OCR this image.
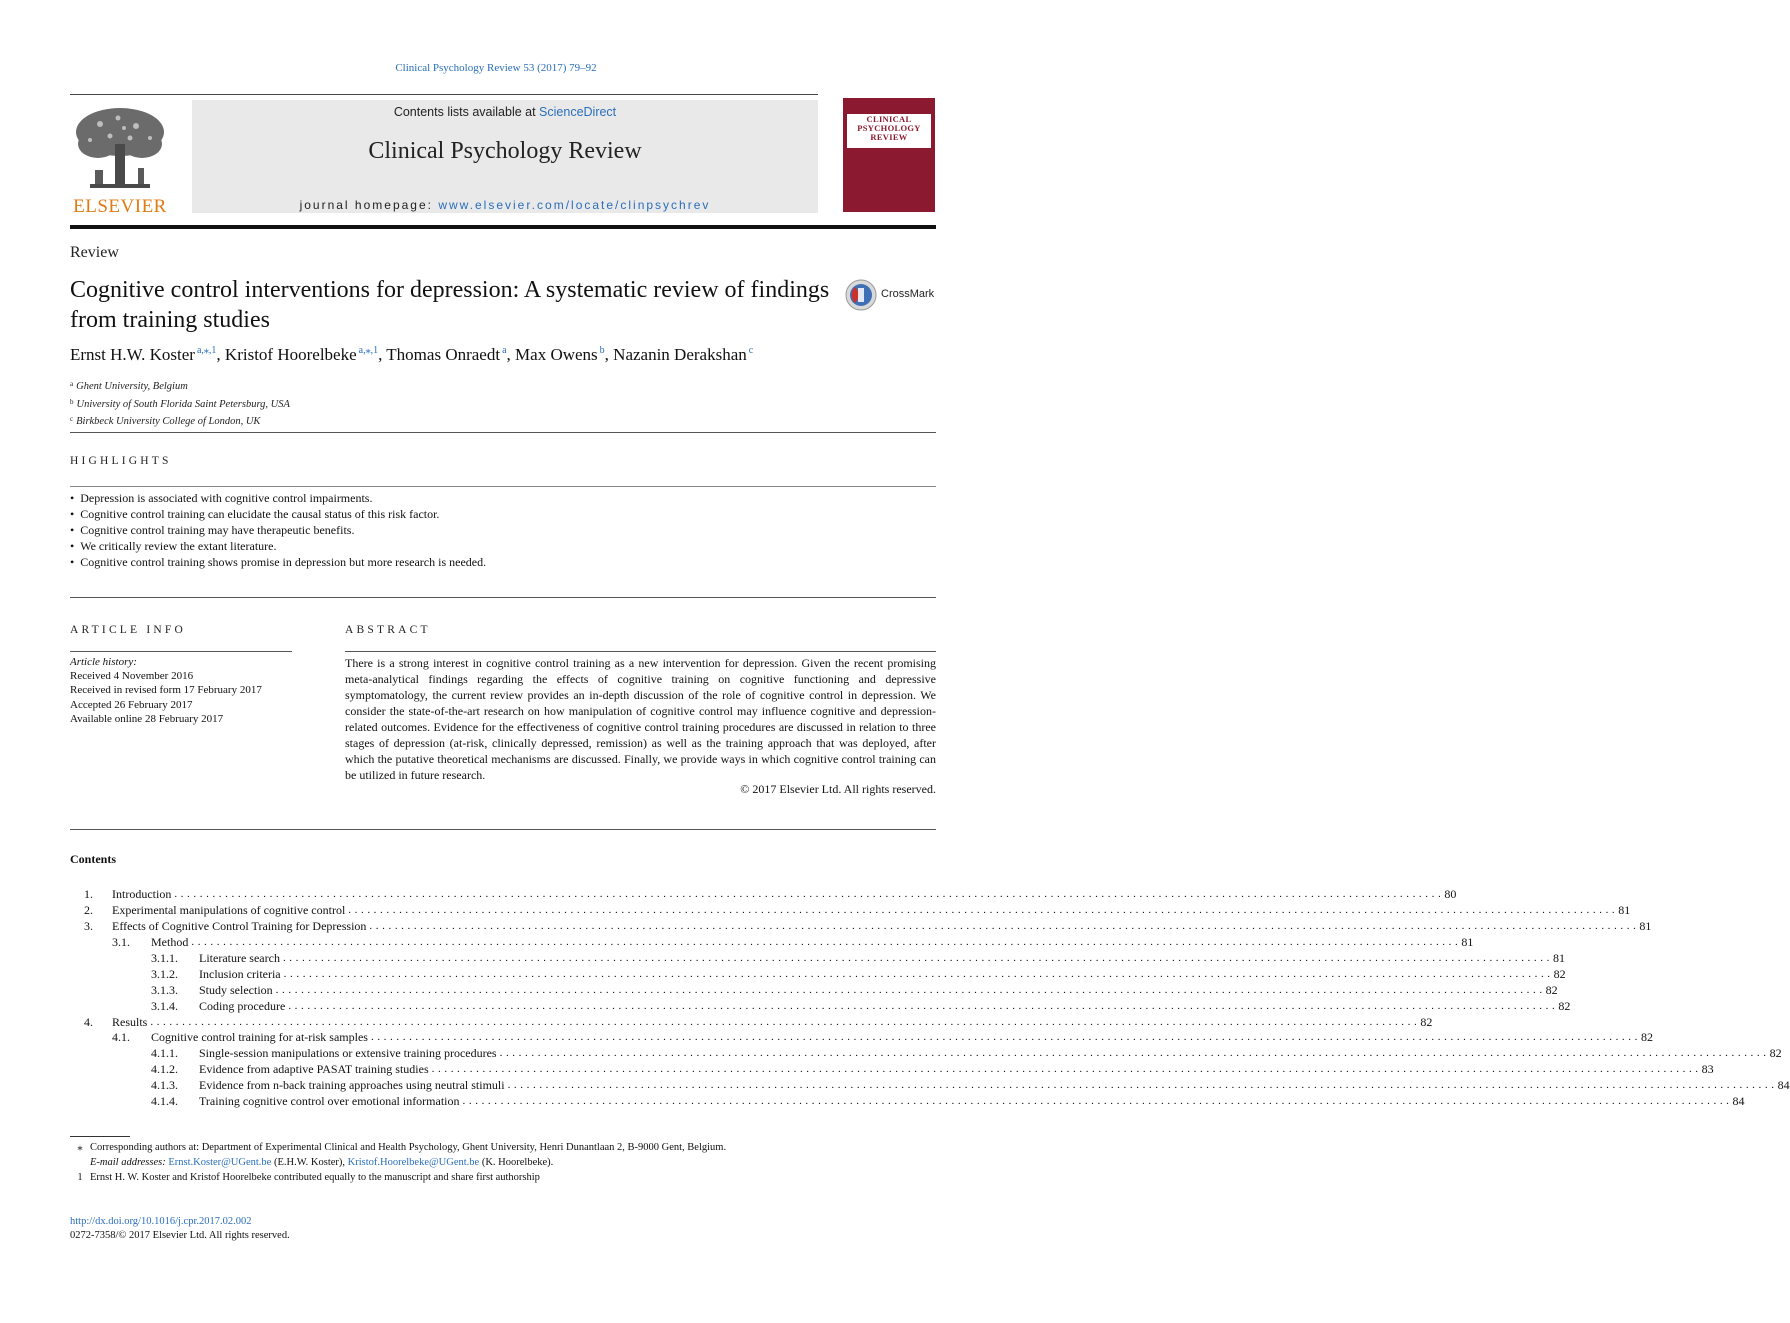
Clinical Psychology Review 53 (2017) 79–92
ELSEVIER
Contents lists available at ScienceDirect
Clinical Psychology Review
journal homepage: www.elsevier.com/locate/clinpsychrev
CLINICAL
PSYCHOLOGY
REVIEW
Review
Cognitive control interventions for depression: A systematic review of findings from training studies
CrossMark
Ernst H.W. Koster $^{a,⁎,1}$, Kristof Hoorelbeke $^{a,⁎,1}$, Thomas Onraedt $^a$, Max Owens $^b$, Nazanin Derakshan $^c$
$^a$ Ghent University, Belgium
$^b$ University of South Florida Saint Petersburg, USA
$^c$ Birkbeck University College of London, UK
HIGHLIGHTS
• Depression is associated with cognitive control impairments.
• Cognitive control training can elucidate the causal status of this risk factor.
• Cognitive control training may have therapeutic benefits.
• We critically review the extant literature.
• Cognitive control training shows promise in depression but more research is needed.
ARTICLE INFO
Article history:
Received 4 November 2016
Received in revised form 17 February 2017
Accepted 26 February 2017
Available online 28 February 2017
ABSTRACT
There is a strong interest in cognitive control training as a new intervention for depression. Given the recent promising meta-analytical findings regarding the effects of cognitive training on cognitive functioning and depressive symptomatology, the current review provides an in-depth discussion of the role of cognitive control in depression. We consider the state-of-the-art research on how manipulation of cognitive control may influence cognitive and depression-related outcomes. Evidence for the effectiveness of cognitive control training procedures are discussed in relation to three stages of depression (at-risk, clinically depressed, remission) as well as the training approach that was deployed, after which the putative theoretical mechanisms are discussed. Finally, we provide ways in which cognitive control training can be utilized in future research.
© 2017 Elsevier Ltd. All rights reserved.
Contents
1. Introduction ........................................................................................................................................................................................................ 80
2. Experimental manipulations of cognitive control ........................................................................................................................................................................................................ 81
3. Effects of Cognitive Control Training for Depression ........................................................................................................................................................................................................ 81
3.1. Method ........................................................................................................................................................................................................ 81
3.1.1. Literature search ........................................................................................................................................................................................................ 81
3.1.2. Inclusion criteria ........................................................................................................................................................................................................ 82
3.1.3. Study selection ........................................................................................................................................................................................................ 82
3.1.4. Coding procedure ........................................................................................................................................................................................................ 82
4. Results ........................................................................................................................................................................................................ 82
4.1. Cognitive control training for at-risk samples ........................................................................................................................................................................................................ 82
4.1.1. Single-session manipulations or extensive training procedures ........................................................................................................................................................................................................ 82
4.1.2. Evidence from adaptive PASAT training studies ........................................................................................................................................................................................................ 83
4.1.3. Evidence from n-back training approaches using neutral stimuli ........................................................................................................................................................................................................ 84
4.1.4. Training cognitive control over emotional information ........................................................................................................................................................................................................ 84
⁎ Corresponding authors at: Department of Experimental Clinical and Health Psychology, Ghent University, Henri Dunantlaan 2, B-9000 Gent, Belgium.
E-mail addresses: Ernst.Koster@UGent.be (E.H.W. Koster), Kristof.Hoorelbeke@UGent.be (K. Hoorelbeke).
1 Ernst H. W. Koster and Kristof Hoorelbeke contributed equally to the manuscript and share first authorship
http://dx.doi.org/10.1016/j.cpr.2017.02.002
0272-7358/© 2017 Elsevier Ltd. All rights reserved.
